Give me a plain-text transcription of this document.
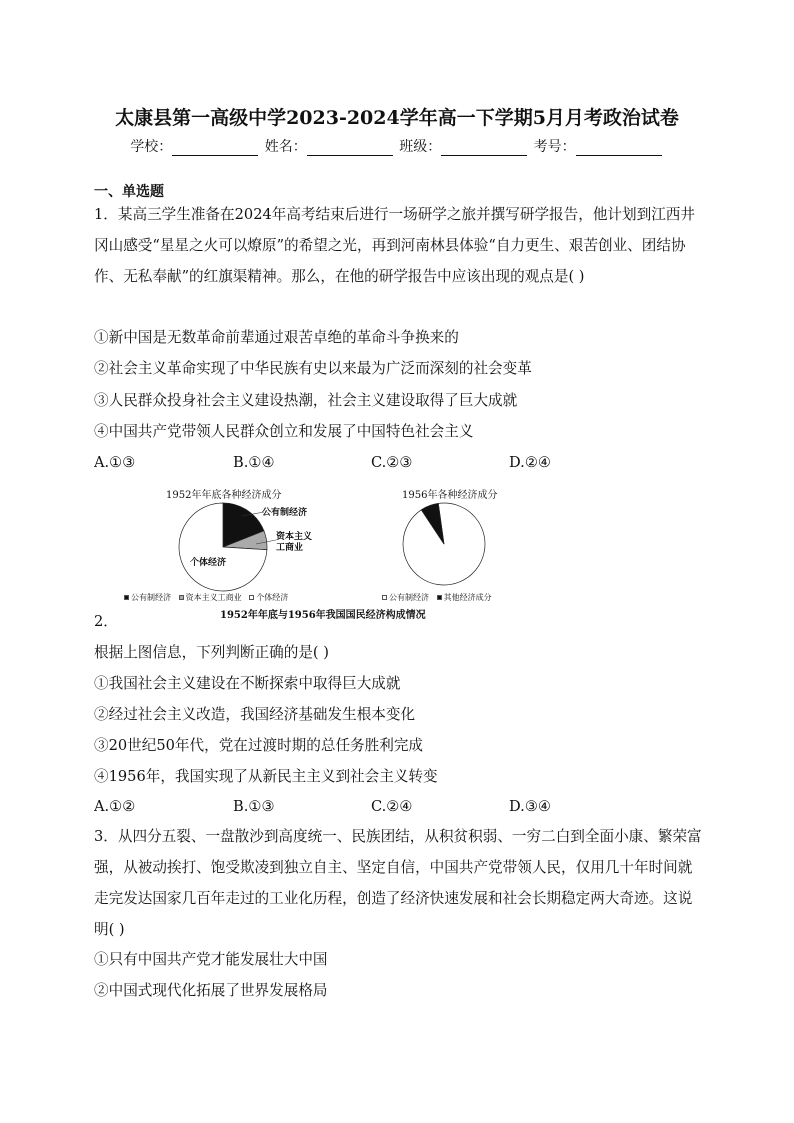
太康县第一高级中学2023-2024学年高一下学期5月月考政治试卷
学校：	姓名：	班级：	考号：
一、单选题
1．某高三学生准备在2024年高考结束后进行一场研学之旅并撰写研学报告，他计划到江西井冈山感受“星星之火可以燎原”的希望之光，再到河南林县体验“自力更生、艰苦创业、团结协作、无私奉献”的红旗渠精神。那么，在他的研学报告中应该出现的观点是( )
①新中国是无数革命前辈通过艰苦卓绝的革命斗争换来的
②社会主义革命实现了中华民族有史以来最为广泛而深刻的社会变革
③人民群众投身社会主义建设热潮，社会主义建设取得了巨大成就
④中国共产党带领人民群众创立和发展了中国特色社会主义
A.①③	B.①④	C.②③	D.②④
1952年年底各种经济成分
公有制经济
资本主义工商业
个体经济
公有制经济 资本主义工商业 个体经济
1956年各种经济成分
公有制经济 其他经济成分
1952年年底与1956年我国国民经济构成情况
2．
根据上图信息，下列判断正确的是( )
①我国社会主义建设在不断探索中取得巨大成就
②经过社会主义改造，我国经济基础发生根本变化
③20世纪50年代，党在过渡时期的总任务胜利完成
④1956年，我国实现了从新民主主义到社会主义转变
A.①②	B.①③	C.②④	D.③④
3．从四分五裂、一盘散沙到高度统一、民族团结，从积贫积弱、一穷二白到全面小康、繁荣富强，从被动挨打、饱受欺凌到独立自主、坚定自信，中国共产党带领人民，仅用几十年时间就走完发达国家几百年走过的工业化历程，创造了经济快速发展和社会长期稳定两大奇迹。这说明( )
①只有中国共产党才能发展壮大中国
②中国式现代化拓展了世界发展格局
